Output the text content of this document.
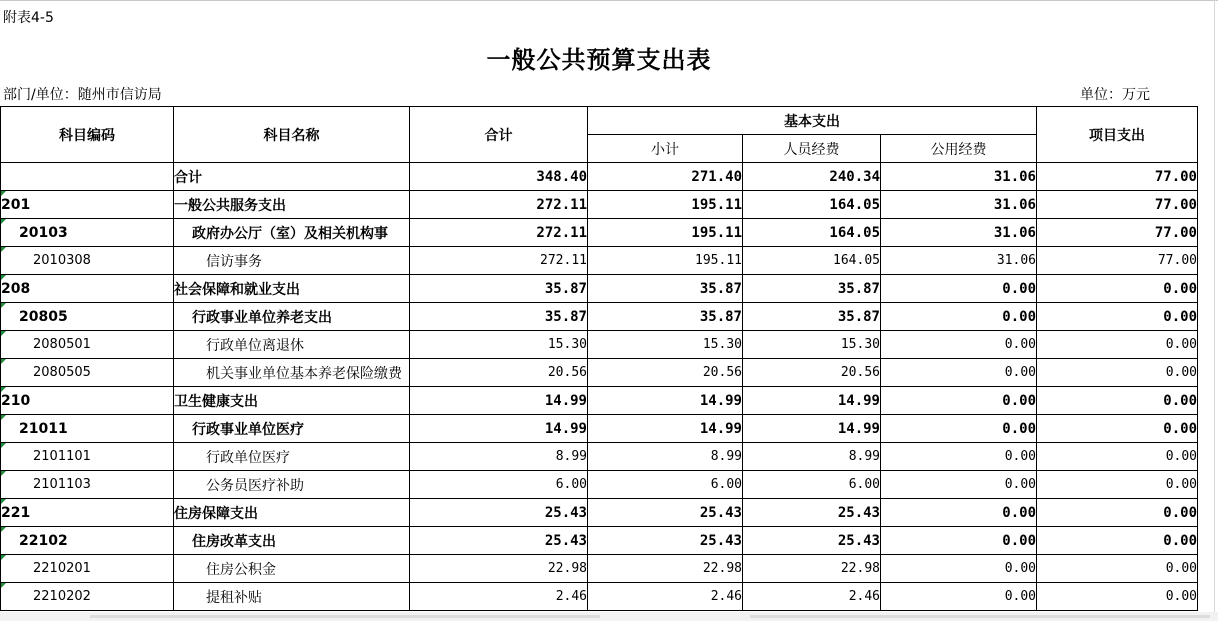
附表4-5
一般公共预算支出表
部门/单位：随州市信访局	单位：万元
科目编码	科目名称	合计	基本支出			项目支出
			小计	人员经费	公用经费	
	合计	348.40	271.40	240.34	31.06	77.00

201	一般公共服务支出	272.11	195.11	164.05	31.06	77.00

20103	政府办公厅（室）及相关机构事	272.11	195.11	164.05	31.06	77.00

2010308	信访事务	272.11	195.11	164.05	31.06	77.00

208	社会保障和就业支出	35.87	35.87	35.87	0.00	0.00

20805	行政事业单位养老支出	35.87	35.87	35.87	0.00	0.00

2080501	行政单位离退休	15.30	15.30	15.30	0.00	0.00

2080505	机关事业单位基本养老保险缴费	20.56	20.56	20.56	0.00	0.00

210	卫生健康支出	14.99	14.99	14.99	0.00	0.00

21011	行政事业单位医疗	14.99	14.99	14.99	0.00	0.00

2101101	行政单位医疗	8.99	8.99	8.99	0.00	0.00

2101103	公务员医疗补助	6.00	6.00	6.00	0.00	0.00

221	住房保障支出	25.43	25.43	25.43	0.00	0.00

22102	住房改革支出	25.43	25.43	25.43	0.00	0.00

2210201	住房公积金	22.98	22.98	22.98	0.00	0.00

2210202	提租补贴	2.46	2.46	2.46	0.00	0.00
